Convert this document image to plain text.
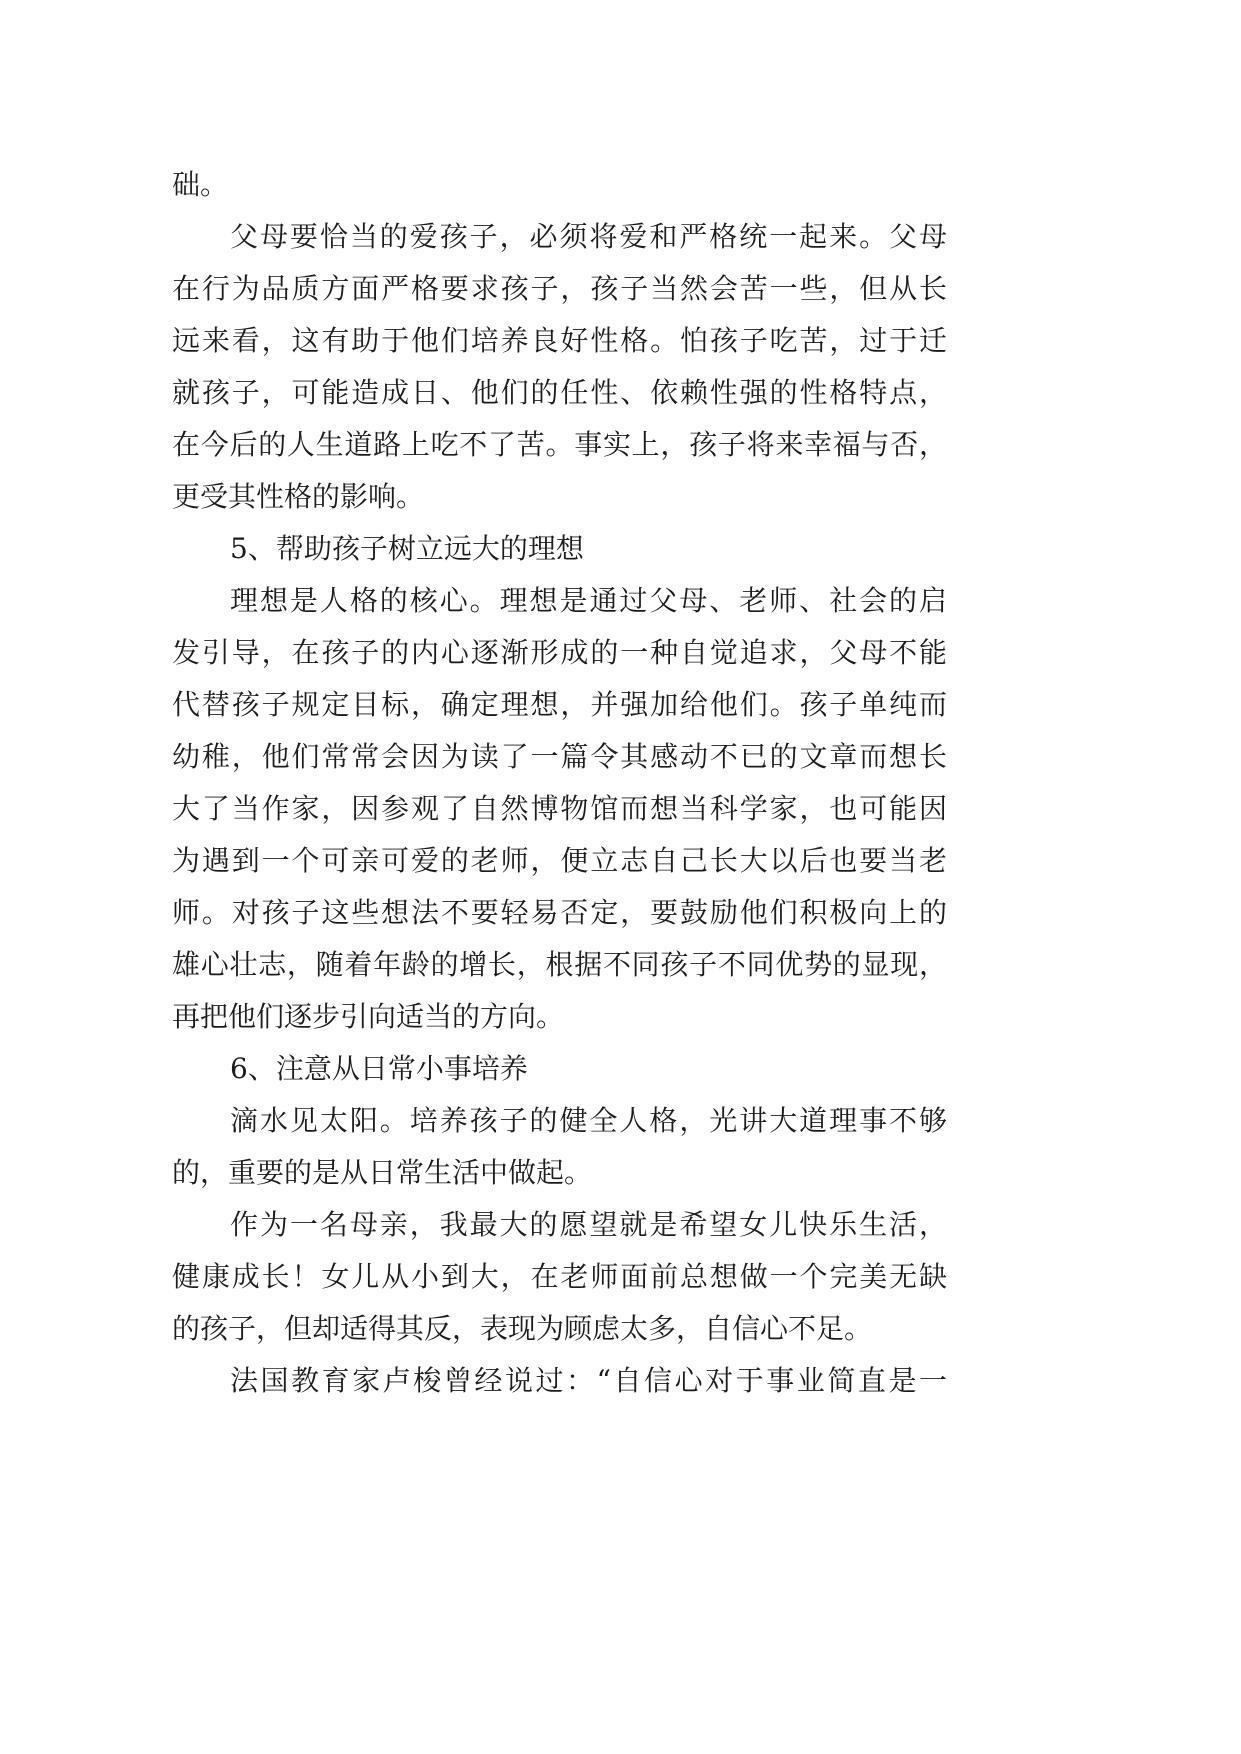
础。
父母要恰当的爱孩子，必须将爱和严格统一起来。父母
在行为品质方面严格要求孩子，孩子当然会苦一些，但从长
远来看，这有助于他们培养良好性格。怕孩子吃苦，过于迁
就孩子，可能造成日、他们的任性、依赖性强的性格特点，
在今后的人生道路上吃不了苦。事实上，孩子将来幸福与否，
更受其性格的影响。
5、帮助孩子树立远大的理想
理想是人格的核心。理想是通过父母、老师、社会的启
发引导，在孩子的内心逐渐形成的一种自觉追求，父母不能
代替孩子规定目标，确定理想，并强加给他们。孩子单纯而
幼稚，他们常常会因为读了一篇令其感动不已的文章而想长
大了当作家，因参观了自然博物馆而想当科学家，也可能因
为遇到一个可亲可爱的老师，便立志自己长大以后也要当老
师。对孩子这些想法不要轻易否定，要鼓励他们积极向上的
雄心壮志，随着年龄的增长，根据不同孩子不同优势的显现，
再把他们逐步引向适当的方向。
6、注意从日常小事培养
滴水见太阳。培养孩子的健全人格，光讲大道理事不够
的，重要的是从日常生活中做起。
作为一名母亲，我最大的愿望就是希望女儿快乐生活，
健康成长！女儿从小到大，在老师面前总想做一个完美无缺
的孩子，但却适得其反，表现为顾虑太多，自信心不足。
法国教育家卢梭曾经说过：“自信心对于事业简直是一
